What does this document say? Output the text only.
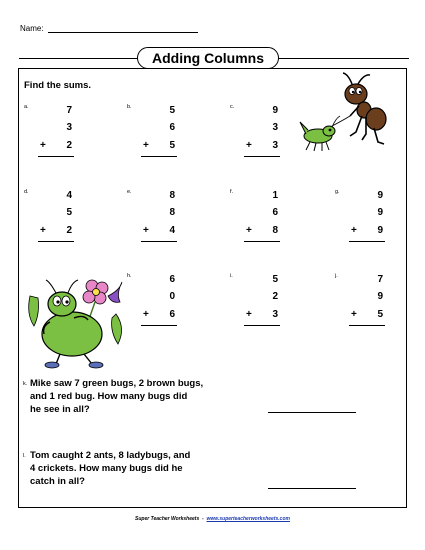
Name:
Adding Columns
Find the sums.
a.	7
3
+ 2
b.	5
6
+ 5
c.	9
3
+ 3
d.	4
5
+ 2
e.	8
8
+ 4
f.	1
6
+ 8
g.	9
9
+ 9
h.	6
0
+ 6
i.	5
2
+ 3
j.	7
9
+ 5
k. Mike saw 7 green bugs, 2 brown bugs,
and 1 red bug. How many bugs did
he see in all?
l. Tom caught 2 ants, 8 ladybugs, and
4 crickets. How many bugs did he
catch in all?
Super Teacher Worksheets - www.superteacherworksheets.com
